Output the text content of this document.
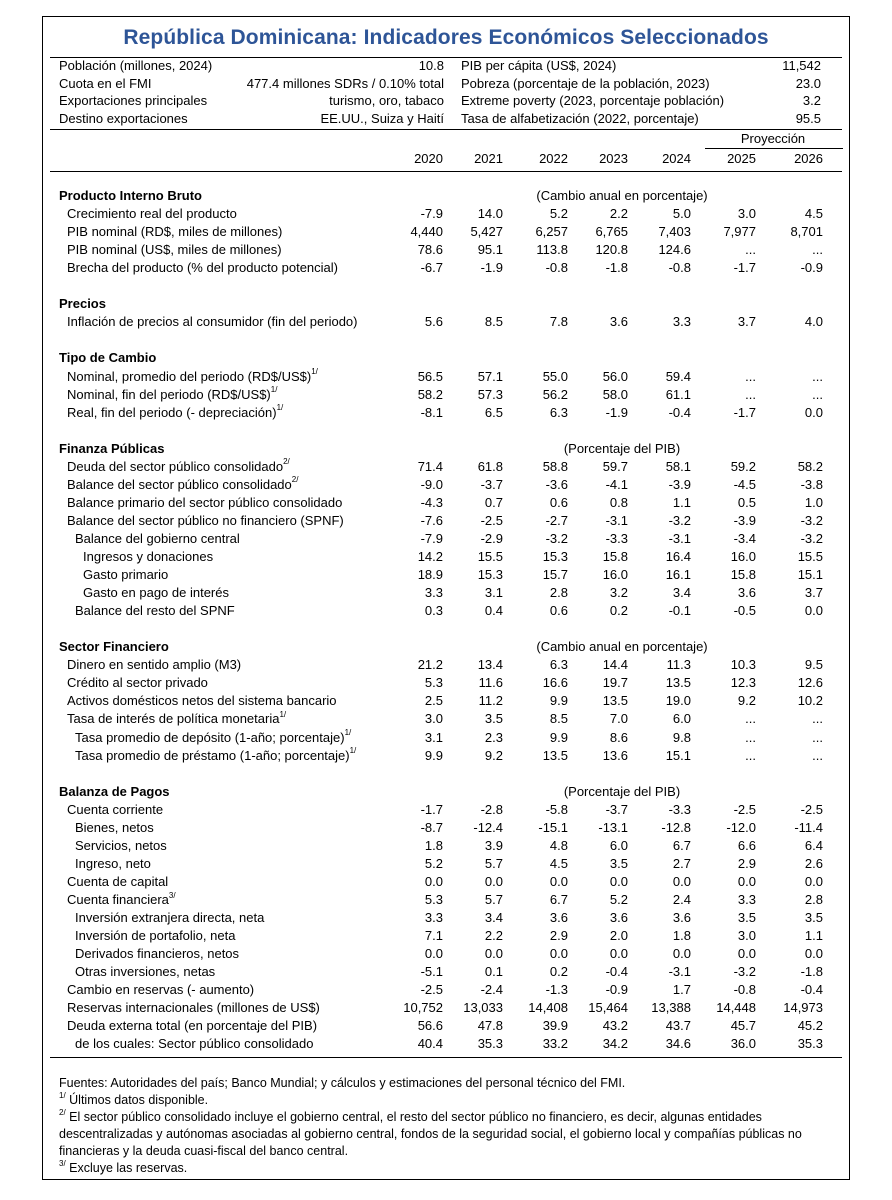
República Dominicana: Indicadores Económicos Seleccionados
Población (millones, 2024)	10.8
Cuota en el FMI	477.4 millones SDRs / 0.10% total
Exportaciones principales	turismo, oro, tabaco
Destino exportaciones	EE.UU., Suiza y Haití
PIB per cápita (US$, 2024)	11,542
Pobreza (porcentaje de la población, 2023)	23.0
Extreme poverty (2023, porcentaje población)	3.2
Tasa de alfabetización (2022, porcentaje)	95.5
Proyección
2020	2021	2022	2023	2024	2025	2026
Producto Interno Bruto	(Cambio anual en porcentaje)
Crecimiento real del producto	-7.9	14.0	5.2	2.2	5.0	3.0	4.5
PIB nominal (RD$, miles de millones)	4,440	5,427	6,257	6,765	7,403	7,977	8,701
PIB nominal (US$, miles de millones)	78.6	95.1	113.8	120.8	124.6	...	...
Brecha del producto (% del producto potencial)	-6.7	-1.9	-0.8	-1.8	-0.8	-1.7	-0.9
Precios
Inflación de precios al consumidor (fin del periodo)	5.6	8.5	7.8	3.6	3.3	3.7	4.0
Tipo de Cambio
Nominal, promedio del periodo (RD$/US$)$^{1/}$	56.5	57.1	55.0	56.0	59.4	...	...
Nominal, fin del periodo (RD$/US$)$^{1/}$	58.2	57.3	56.2	58.0	61.1	...	...
Real, fin del periodo (- depreciación)$^{1/}$	-8.1	6.5	6.3	-1.9	-0.4	-1.7	0.0
Finanza Públicas	(Porcentaje del PIB)
Deuda del sector público consolidado$^{2/}$	71.4	61.8	58.8	59.7	58.1	59.2	58.2
Balance del sector público consolidado$^{2/}$	-9.0	-3.7	-3.6	-4.1	-3.9	-4.5	-3.8
Balance primario del sector público consolidado	-4.3	0.7	0.6	0.8	1.1	0.5	1.0
Balance del sector público no financiero (SPNF)	-7.6	-2.5	-2.7	-3.1	-3.2	-3.9	-3.2
Balance del gobierno central	-7.9	-2.9	-3.2	-3.3	-3.1	-3.4	-3.2
Ingresos y donaciones	14.2	15.5	15.3	15.8	16.4	16.0	15.5
Gasto primario	18.9	15.3	15.7	16.0	16.1	15.8	15.1
Gasto en pago de interés	3.3	3.1	2.8	3.2	3.4	3.6	3.7
Balance del resto del SPNF	0.3	0.4	0.6	0.2	-0.1	-0.5	0.0
Sector Financiero	(Cambio anual en porcentaje)
Dinero en sentido amplio (M3)	21.2	13.4	6.3	14.4	11.3	10.3	9.5
Crédito al sector privado	5.3	11.6	16.6	19.7	13.5	12.3	12.6
Activos domésticos netos del sistema bancario	2.5	11.2	9.9	13.5	19.0	9.2	10.2
Tasa de interés de política monetaria$^{1/}$	3.0	3.5	8.5	7.0	6.0	...	...
Tasa promedio de depósito (1-año; porcentaje)$^{1/}$	3.1	2.3	9.9	8.6	9.8	...	...
Tasa promedio de préstamo (1-año; porcentaje)$^{1/}$	9.9	9.2	13.5	13.6	15.1	...	...
Balanza de Pagos	(Porcentaje del PIB)
Cuenta corriente	-1.7	-2.8	-5.8	-3.7	-3.3	-2.5	-2.5
Bienes, netos	-8.7	-12.4	-15.1	-13.1	-12.8	-12.0	-11.4
Servicios, netos	1.8	3.9	4.8	6.0	6.7	6.6	6.4
Ingreso, neto	5.2	5.7	4.5	3.5	2.7	2.9	2.6
Cuenta de capital	0.0	0.0	0.0	0.0	0.0	0.0	0.0
Cuenta financiera$^{3/}$	5.3	5.7	6.7	5.2	2.4	3.3	2.8
Inversión extranjera directa, neta	3.3	3.4	3.6	3.6	3.6	3.5	3.5
Inversión de portafolio, neta	7.1	2.2	2.9	2.0	1.8	3.0	1.1
Derivados financieros, netos	0.0	0.0	0.0	0.0	0.0	0.0	0.0
Otras inversiones, netas	-5.1	0.1	0.2	-0.4	-3.1	-3.2	-1.8
Cambio en reservas (- aumento)	-2.5	-2.4	-1.3	-0.9	1.7	-0.8	-0.4
Reservas internacionales (millones de US$)	10,752	13,033	14,408	15,464	13,388	14,448	14,973
Deuda externa total (en porcentaje del PIB)	56.6	47.8	39.9	43.2	43.7	45.7	45.2
de los cuales: Sector público consolidado	40.4	35.3	33.2	34.2	34.6	36.0	35.3
Fuentes: Autoridades del país; Banco Mundial; y cálculos y estimaciones del personal técnico del FMI.
$^{1/}$ Últimos datos disponible.
$^{2/}$ El sector público consolidado incluye el gobierno central, el resto del sector público no financiero, es decir, algunas entidades descentralizadas y autónomas asociadas al gobierno central, fondos de la seguridad social, el gobierno local y compañías públicas no financieras y la deuda cuasi-fiscal del banco central.
$^{3/}$ Excluye las reservas.
